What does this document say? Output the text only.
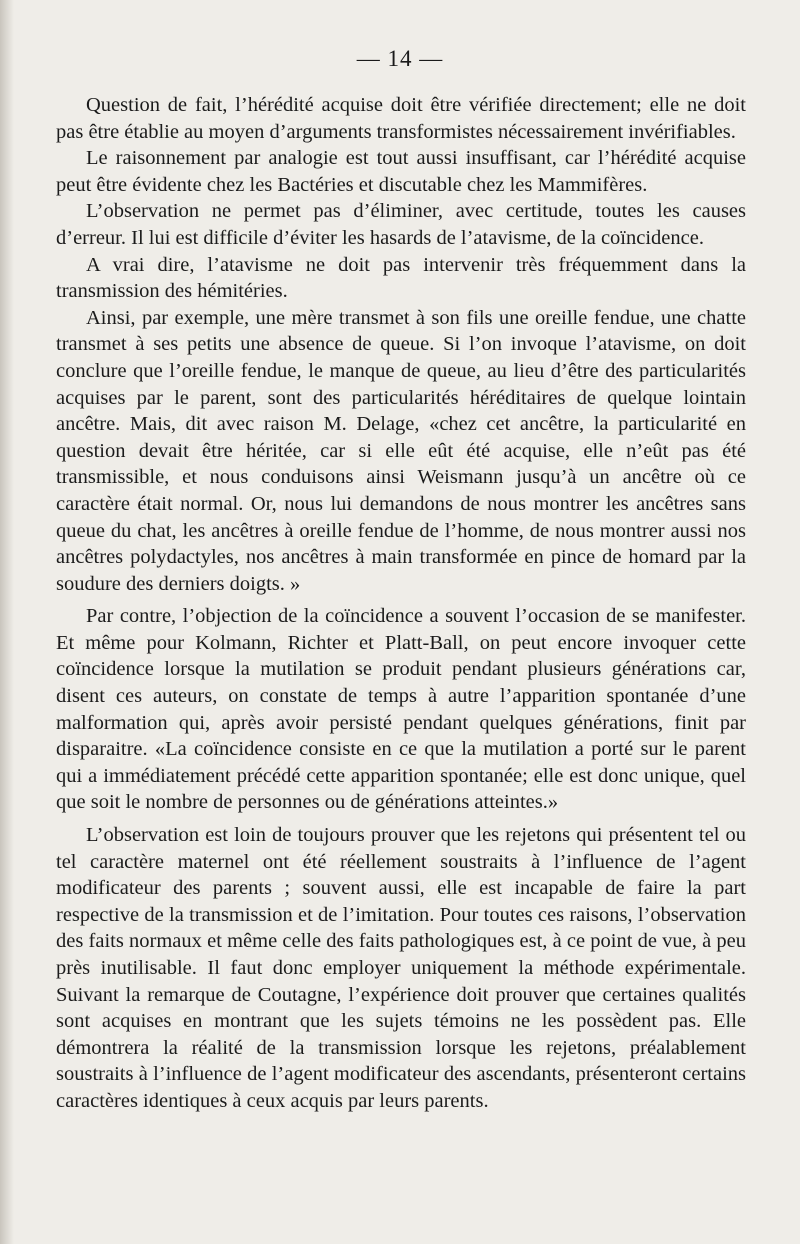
— 14 —

Question de fait, l’hérédité acquise doit être vérifiée directement; elle ne doit pas être établie au moyen d’arguments transformistes nécessairement invérifiables.

Le raisonnement par analogie est tout aussi insuffisant, car l’hérédité acquise peut être évidente chez les Bactéries et discutable chez les Mammifères.

L’observation ne permet pas d’éliminer, avec certitude, toutes les causes d’erreur. Il lui est difficile d’éviter les hasards de l’atavisme, de la coïncidence.

A vrai dire, l’atavisme ne doit pas intervenir très fréquemment dans la transmission des hémitéries.

Ainsi, par exemple, une mère transmet à son fils une oreille fendue, une chatte transmet à ses petits une absence de queue. Si l’on invoque l’atavisme, on doit conclure que l’oreille fendue, le manque de queue, au lieu d’être des particularités acquises par le parent, sont des particularités héréditaires de quelque lointain ancêtre. Mais, dit avec raison M. Delage, «chez cet ancêtre, la particularité en question devait être héritée, car si elle eût été acquise, elle n’eût pas été transmissible, et nous conduisons ainsi Weismann jusqu’à un ancêtre où ce caractère était normal. Or, nous lui demandons de nous montrer les ancêtres sans queue du chat, les ancêtres à oreille fendue de l’homme, de nous montrer aussi nos ancêtres polydactyles, nos ancêtres à main transformée en pince de homard par la soudure des derniers doigts. »

Par contre, l’objection de la coïncidence a souvent l’occasion de se manifester. Et même pour Kolmann, Richter et Platt-Ball, on peut encore invoquer cette coïncidence lorsque la mutilation se produit pendant plusieurs générations car, disent ces auteurs, on constate de temps à autre l’apparition spontanée d’une malformation qui, après avoir persisté pendant quelques générations, finit par disparaitre. «La coïncidence consiste en ce que la mutilation a porté sur le parent qui a immédiatement précédé cette apparition spontanée; elle est donc unique, quel que soit le nombre de personnes ou de générations atteintes.»

L’observation est loin de toujours prouver que les rejetons qui présentent tel ou tel caractère maternel ont été réellement soustraits à l’influence de l’agent modificateur des parents ; souvent aussi, elle est incapable de faire la part respective de la transmission et de l’imitation. Pour toutes ces raisons, l’observation des faits normaux et même celle des faits pathologiques est, à ce point de vue, à peu près inutilisable. Il faut donc employer uniquement la méthode expérimentale. Suivant la remarque de Coutagne, l’expérience doit prouver que certaines qualités sont acquises en montrant que les sujets témoins ne les possèdent pas. Elle démontrera la réalité de la transmission lorsque les rejetons, préalablement soustraits à l’influence de l’agent modificateur des ascendants, présenteront certains caractères identiques à ceux acquis par leurs parents.
